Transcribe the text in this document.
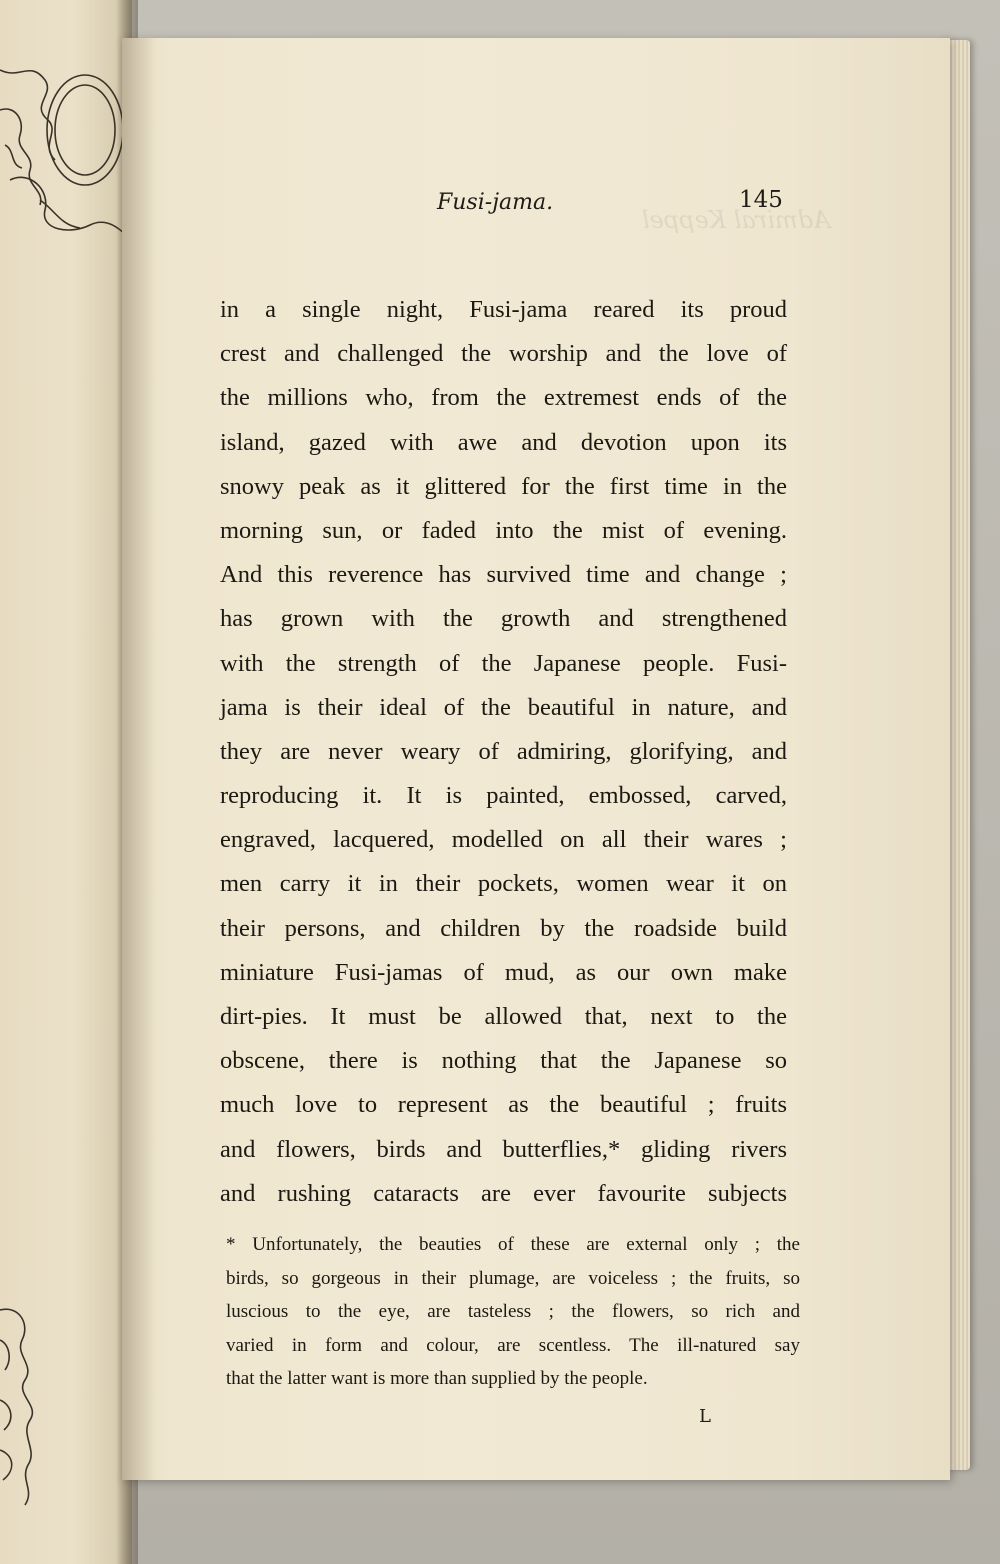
Admiral Keppel
Fusi-jama.	145
in a single night, Fusi-jama reared its proud
crest and challenged the worship and the love of
the millions who, from the extremest ends of the
island, gazed with awe and devotion upon its
snowy peak as it glittered for the first time in the
morning sun, or faded into the mist of evening.
And this reverence has survived time and change ;
has grown with the growth and strengthened
with the strength of the Japanese people. Fusi-
jama is their ideal of the beautiful in nature, and
they are never weary of admiring, glorifying, and
reproducing it. It is painted, embossed, carved,
engraved, lacquered, modelled on all their wares ;
men carry it in their pockets, women wear it on
their persons, and children by the roadside build
miniature Fusi-jamas of mud, as our own make
dirt-pies. It must be allowed that, next to the
obscene, there is nothing that the Japanese so
much love to represent as the beautiful ; fruits
and flowers, birds and butterflies,* gliding rivers
and rushing cataracts are ever favourite subjects
* Unfortunately, the beauties of these are external only ; the
birds, so gorgeous in their plumage, are voiceless ; the fruits, so
luscious to the eye, are tasteless ; the flowers, so rich and
varied in form and colour, are scentless. The ill-natured say
that the latter want is more than supplied by the people.
L
